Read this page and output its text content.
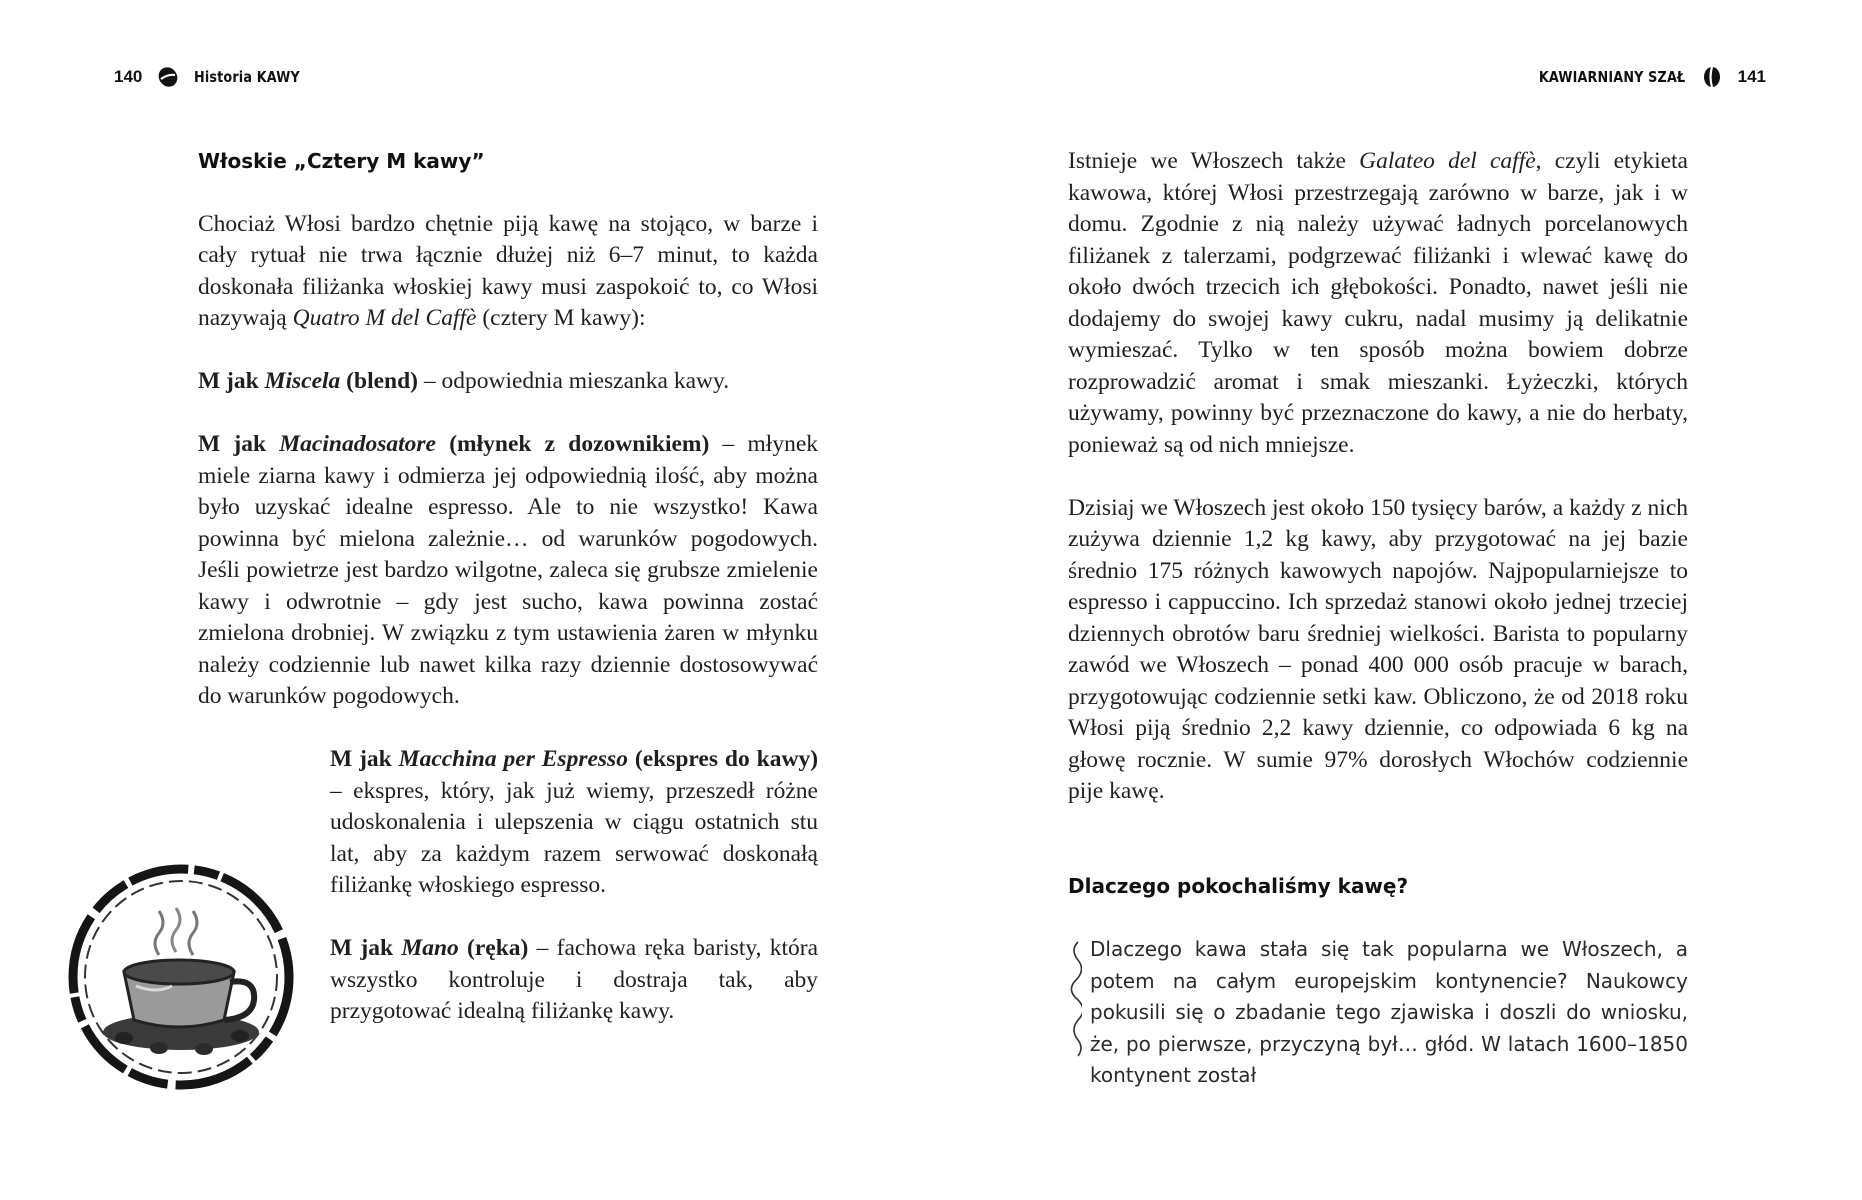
140	Historia KAWY	KAWIARNIANY SZAŁ	141

Włoskie „Cztery M kawy”

Chociaż Włosi bardzo chętnie piją kawę na stojąco, w barze i cały rytuał nie trwa łącznie dłużej niż 6–7 minut, to każda doskonała filiżanka włoskiej kawy musi zaspokoić to, co Włosi nazywają Quatro M del Caffè (cztery M kawy):

M jak Miscela (blend) – odpowiednia mieszanka kawy.

M jak Macinadosatore (młynek z dozownikiem) – młynek miele ziarna kawy i odmierza jej odpowiednią ilość, aby można było uzyskać idealne espresso. Ale to nie wszystko! Kawa powinna być mielona zależnie… od warunków pogodowych. Jeśli powietrze jest bardzo wilgotne, zaleca się grubsze zmielenie kawy i odwrotnie – gdy jest sucho, kawa powinna zostać zmielona drobniej. W związku z tym ustawienia żaren w młynku należy codziennie lub nawet kilka razy dziennie dostosowywać do warunków pogodowych.

M jak Macchina per Espresso (ekspres do kawy) – ekspres, który, jak już wiemy, przeszedł różne udoskonalenia i ulepszenia w ciągu ostatnich stu lat, aby za każdym razem serwować doskonałą filiżankę włoskiego espresso.

M jak Mano (ręka) – fachowa ręka baristy, która wszystko kontroluje i dostraja tak, aby przygotować idealną filiżankę kawy.

Istnieje we Włoszech także Galateo del caffè, czyli etykieta kawowa, której Włosi przestrzegają zarówno w barze, jak i w domu. Zgodnie z nią należy używać ładnych porcelanowych filiżanek z talerzami, podgrzewać filiżanki i wlewać kawę do około dwóch trzecich ich głębokości. Ponadto, nawet jeśli nie dodajemy do swojej kawy cukru, nadal musimy ją delikatnie wymieszać. Tylko w ten sposób można bowiem dobrze rozprowadzić aromat i smak mieszanki. Łyżeczki, których używamy, powinny być przeznaczone do kawy, a nie do herbaty, ponieważ są od nich mniejsze.

Dzisiaj we Włoszech jest około 150 tysięcy barów, a każdy z nich zużywa dziennie 1,2 kg kawy, aby przygotować na jej bazie średnio 175 różnych kawowych napojów. Najpopularniejsze to espresso i cappuccino. Ich sprzedaż stanowi około jednej trzeciej dziennych obrotów baru średniej wielkości. Barista to popularny zawód we Włoszech – ponad 400 000 osób pracuje w barach, przygotowując codziennie setki kaw. Obliczono, że od 2018 roku Włosi piją średnio 2,2 kawy dziennie, co odpowiada 6 kg na głowę rocznie. W sumie 97% dorosłych Włochów codziennie pije kawę.

Dlaczego pokochaliśmy kawę?

Dlaczego kawa stała się tak popularna we Włoszech, a potem na całym europejskim kontynencie? Naukowcy pokusili się o zbadanie tego zjawiska i doszli do wniosku, że, po pierwsze, przyczyną był… głód. W latach 1600–1850 kontynent został
